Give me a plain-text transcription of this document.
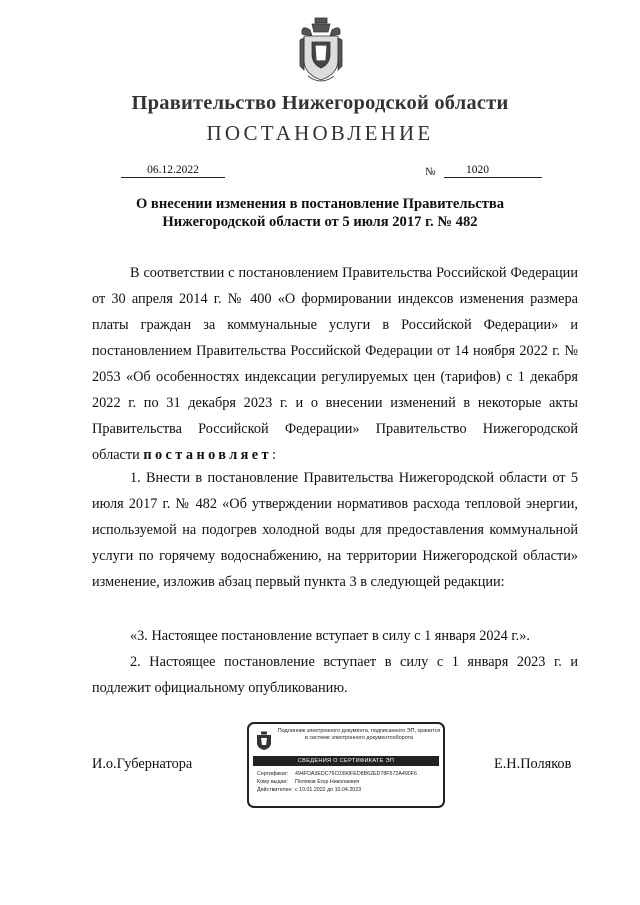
Правительство Нижегородской области
ПОСТАНОВЛЕНИЕ
06.12.2022	№	1020
О внесении изменения в постановление Правительства Нижегородской области от 5 июля 2017 г. № 482

В соответствии с постановлением Правительства Российской Федерации от 30 апреля 2014 г. № 400 «О формировании индексов изменения размера платы граждан за коммунальные услуги в Российской Федерации» и постановлением Правительства Российской Федерации от 14 ноября 2022 г. № 2053 «Об особенностях индексации регулируемых цен (тарифов) с 1 декабря 2022 г. по 31 декабря 2023 г. и о внесении изменений в некоторые акты Правительства Российской Федерации» Правительство Нижегородской области постановляет:

1. Внести в постановление Правительства Нижегородской области от 5 июля 2017 г. № 482 «Об утверждении нормативов расхода тепловой энергии, используемой на подогрев холодной воды для предоставления коммунальной услуги по горячему водоснабжению, на территории Нижегородской области» изменение, изложив абзац первый пункта 3 в следующей редакции:

«3. Настоящее постановление вступает в силу с 1 января 2024 г.».

2. Настоящее постановление вступает в силу с 1 января 2023 г. и подлежит официальному опубликованию.

И.о.Губернатора	Е.Н.Поляков
Подлинник электронного документа, подписанного ЭП, хранится в системе электронного документооборота
СВЕДЕНИЯ О СЕРТИФИКАТЕ ЭП
Сертификат: 494FDA3EDC76C0390FED8B62ED78F572A490F6
Кому выдан: Поляков Егор Николаевич
Действителен: с 10.01.2022 до 10.04.2023
